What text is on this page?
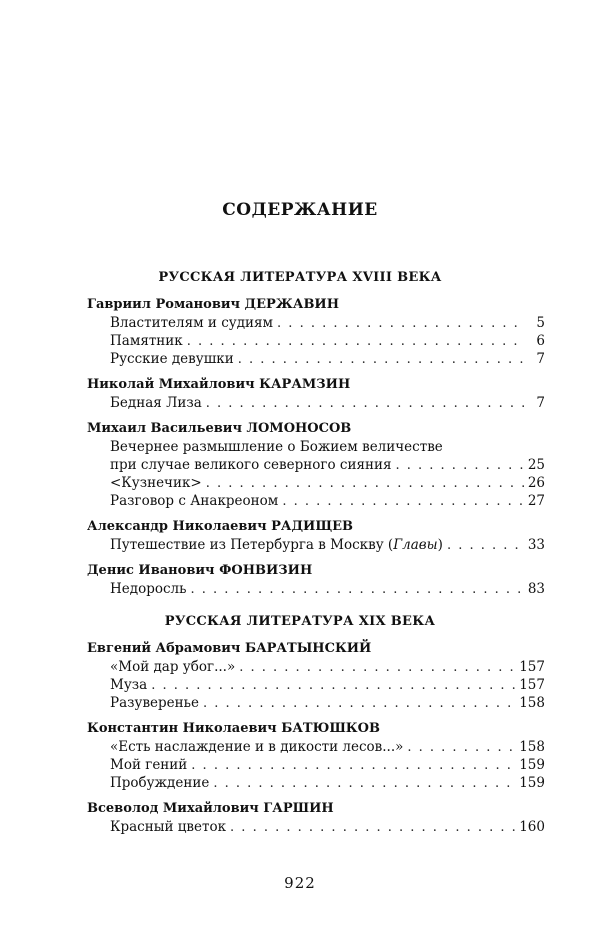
СОДЕРЖАНИЕ
РУССКАЯ ЛИТЕРАТУРА XVIII ВЕКА
Гавриил Романович ДЕРЖАВИН
Властителям и судиям . . .	5
Памятник . . .	6
Русские девушки . . .	7
Николай Михайлович КАРАМЗИН
Бедная Лиза . . .	7
Михаил Васильевич ЛОМОНОСОВ
Вечернее размышление о Божием величестве
при случае великого северного сияния . . .	25
<Кузнечик> . . .	26
Разговор с Анакреоном . . .	27
Александр Николаевич РАДИЩЕВ
Путешествие из Петербурга в Москву (Главы) . . .	33
Денис Иванович ФОНВИЗИН
Недоросль . . .	83
РУССКАЯ ЛИТЕРАТУРА XIX ВЕКА
Евгений Абрамович БАРАТЫНСКИЙ
«Мой дар убог...» . . .	157
Муза . . .	157
Разуверенье . . .	158
Константин Николаевич БАТЮШКОВ
«Есть наслаждение и в дикости лесов...» . . .	158
Мой гений . . .	159
Пробуждение . . .	159
Всеволод Михайлович ГАРШИН
Красный цветок . . .	160
922
